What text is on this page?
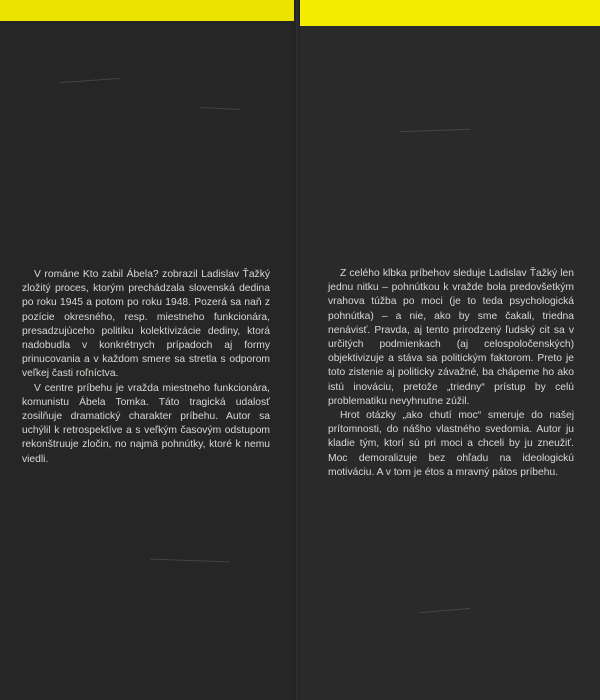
V románe Kto zabil Ábela? zobrazil Ladislav Ťažký zložitý proces, ktorým prechádzala slovenská dedina po roku 1945 a potom po roku 1948. Pozerá sa naň z pozície okresného, resp. miestneho funkcionára, presadzujúceho politiku kolektivizácie dediny, ktorá nadobudla v konkrétnych prípadoch aj formy prinucovania a v každom smere sa stretla s odporom veľkej časti roľníctva.

V centre príbehu je vražda miestneho funkcionára, komunistu Ábela Tomka. Táto tragická udalosť zosilňuje dramatický charakter príbehu. Autor sa uchýlil k retrospektíve a s veľkým časovým odstupom rekonštruuje zločin, no najmä pohnútky, ktoré k nemu viedli.

Z celého klbka príbehov sleduje Ladislav Ťažký len jednu nitku – pohnútkou k vražde bola predovšetkým vrahova túžba po moci (je to teda psychologická pohnútka) – a nie, ako by sme čakali, triedna nenávisť. Pravda, aj tento prirodzený ľudský cit sa v určitých podmienkach (aj celospoločenských) objektivizuje a stáva sa politickým faktorom. Preto je toto zistenie aj politicky závažné, ba chápeme ho ako istú inováciu, pretože „triedny“ prístup by celú problematiku nevyhnutne zúžil.

Hrot otázky „ako chutí moc“ smeruje do našej prítomnosti, do nášho vlastného svedomia. Autor ju kladie tým, ktorí sú pri moci a chceli by ju zneužiť. Moc demoralizuje bez ohľadu na ideologickú motiváciu. A v tom je étos a mravný pátos príbehu.
